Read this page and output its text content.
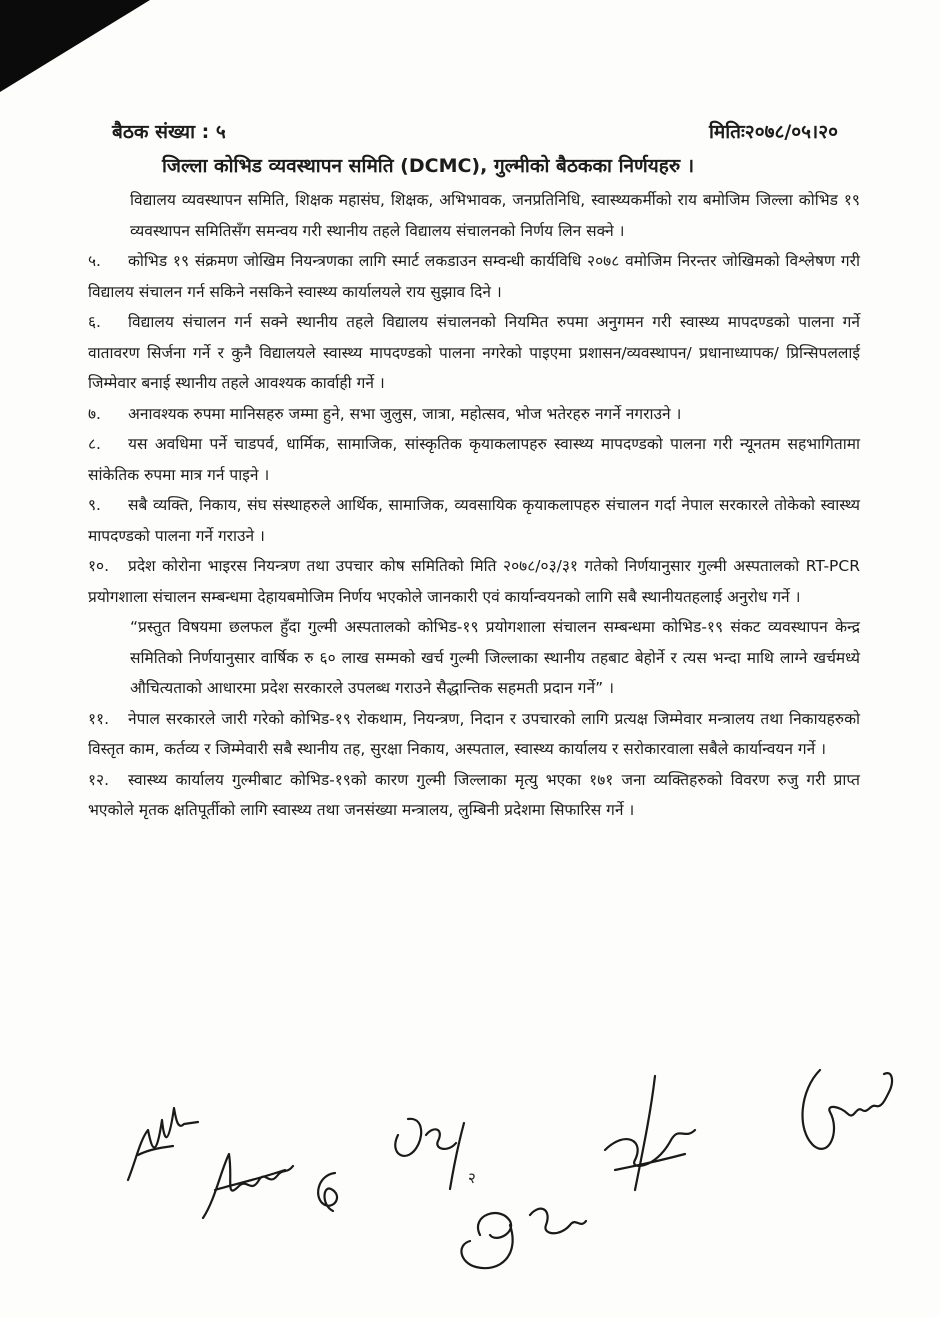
बैठक संख्या : ५	मितिः२०७८/०५।२०
जिल्ला कोभिड व्यवस्थापन समिति (DCMC), गुल्मीको बैठकका निर्णयहरु ।
विद्यालय व्यवस्थापन समिति, शिक्षक महासंघ, शिक्षक, अभिभावक, जनप्रतिनिधि, स्वास्थ्यकर्मीको राय बमोजिम जिल्ला कोभिड १९ व्यवस्थापन समितिसँग समन्वय गरी स्थानीय तहले विद्यालय संचालनको निर्णय लिन सक्ने ।
५. कोभिड १९ संक्रमण जोखिम नियन्त्रणका लागि स्मार्ट लकडाउन सम्वन्धी कार्यविधि २०७८ वमोजिम निरन्तर जोखिमको विश्लेषण गरी विद्यालय संचालन गर्न सकिने नसकिने स्वास्थ्य कार्यालयले राय सुझाव दिने ।
६. विद्यालय संचालन गर्न सक्ने स्थानीय तहले विद्यालय संचालनको नियमित रुपमा अनुगमन गरी स्वास्थ्य मापदण्डको पालना गर्ने वातावरण सिर्जना गर्ने र कुनै विद्यालयले स्वास्थ्य मापदण्डको पालना नगरेको पाइएमा प्रशासन/व्यवस्थापन/ प्रधानाध्यापक/ प्रिन्सिपललाई जिम्मेवार बनाई स्थानीय तहले आवश्यक कार्वाही गर्ने ।
७. अनावश्यक रुपमा मानिसहरु जम्मा हुने, सभा जुलुस, जात्रा, महोत्सव, भोज भतेरहरु नगर्ने नगराउने ।
८. यस अवधिमा पर्ने चाडपर्व, धार्मिक, सामाजिक, सांस्कृतिक कृयाकलापहरु स्वास्थ्य मापदण्डको पालना गरी न्यूनतम सहभागितामा सांकेतिक रुपमा मात्र गर्न पाइने ।
९. सबै व्यक्ति, निकाय, संघ संस्थाहरुले आर्थिक, सामाजिक, व्यवसायिक कृयाकलापहरु संचालन गर्दा नेपाल सरकारले तोकेको स्वास्थ्य मापदण्डको पालना गर्ने गराउने ।
१०. प्रदेश कोरोना भाइरस नियन्त्रण तथा उपचार कोष समितिको मिति २०७८/०३/३१ गतेको निर्णयानुसार गुल्मी अस्पतालको RT-PCR प्रयोगशाला संचालन सम्बन्धमा देहायबमोजिम निर्णय भएकोले जानकारी एवं कार्यान्वयनको लागि सबै स्थानीयतहलाई अनुरोध गर्ने ।
“प्रस्तुत विषयमा छलफल हुँदा गुल्मी अस्पतालको कोभिड-१९ प्रयोगशाला संचालन सम्बन्धमा कोभिड-१९ संकट व्यवस्थापन केन्द्र समितिको निर्णयानुसार वार्षिक रु ६० लाख सम्मको खर्च गुल्मी जिल्लाका स्थानीय तहबाट बेहोर्ने र त्यस भन्दा माथि लाग्ने खर्चमध्ये औचित्यताको आधारमा प्रदेश सरकारले उपलब्ध गराउने सैद्धान्तिक सहमती प्रदान गर्ने” ।
११. नेपाल सरकारले जारी गरेको कोभिड-१९ रोकथाम, नियन्त्रण, निदान र उपचारको लागि प्रत्यक्ष जिम्मेवार मन्त्रालय तथा निकायहरुको विस्तृत काम, कर्तव्य र जिम्मेवारी सबै स्थानीय तह, सुरक्षा निकाय, अस्पताल, स्वास्थ्य कार्यालय र सरोकारवाला सबैले कार्यान्वयन गर्ने ।
१२. स्वास्थ्य कार्यालय गुल्मीबाट कोभिड-१९को कारण गुल्मी जिल्लाका मृत्यु भएका १७१ जना व्यक्तिहरुको विवरण रुजु गरी प्राप्त भएकोले मृतक क्षतिपूर्तीको लागि स्वास्थ्य तथा जनसंख्या मन्त्रालय, लुम्बिनी प्रदेशमा सिफारिस गर्ने ।
२
